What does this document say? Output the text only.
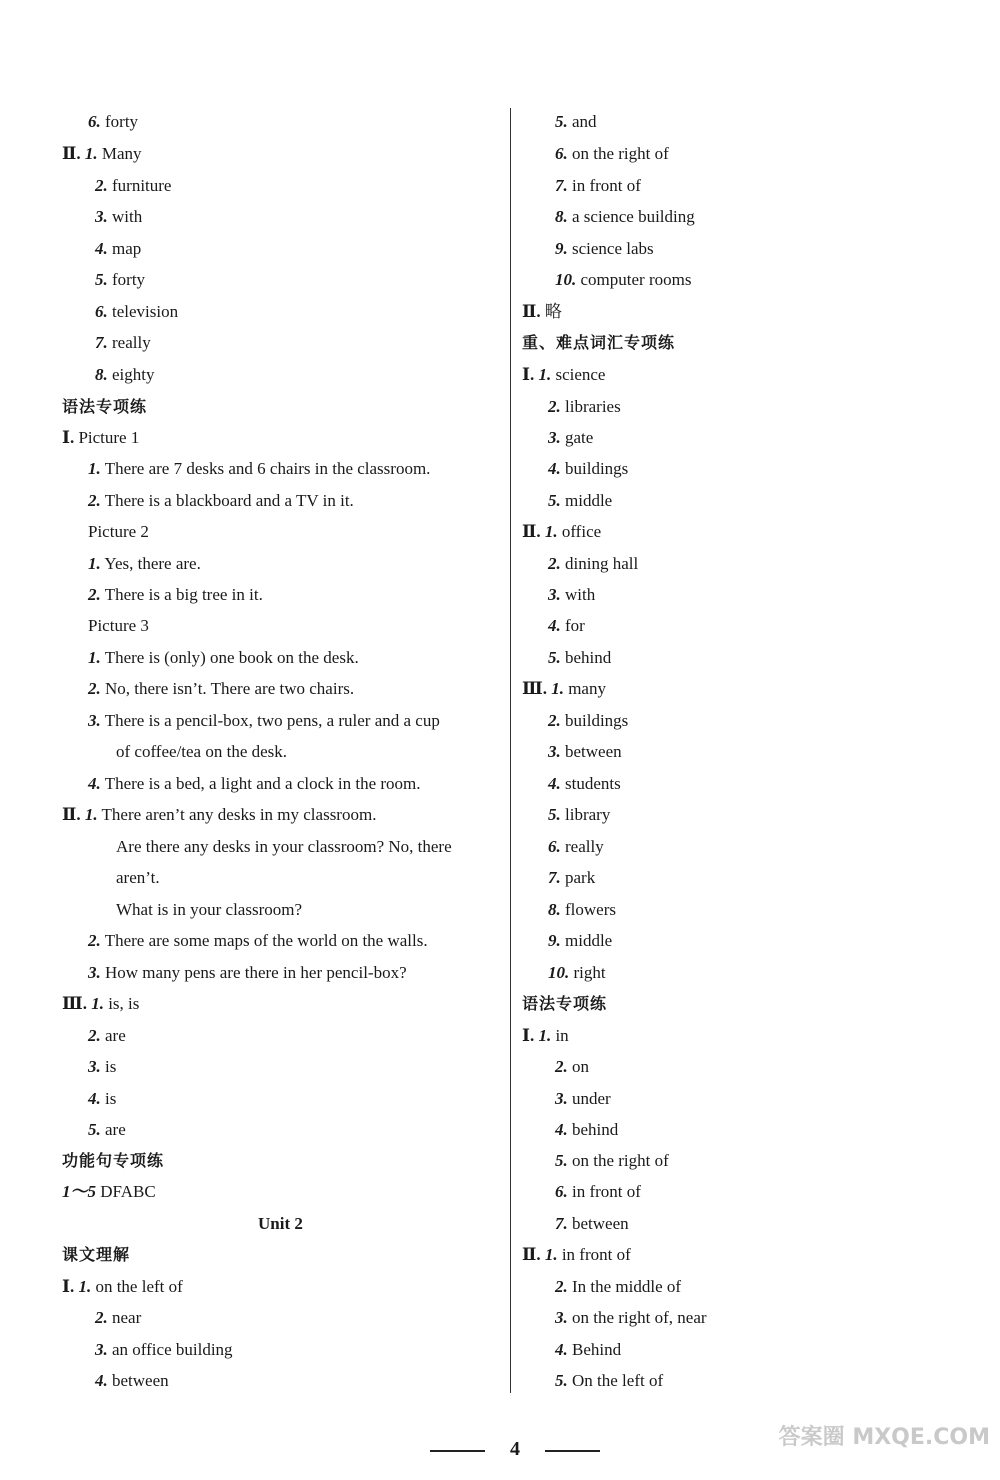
6. forty
Ⅱ. 1. Many
2. furniture
3. with
4. map
5. forty
6. television
7. really
8. eighty
语法专项练
Ⅰ. Picture 1
1. There are 7 desks and 6 chairs in the classroom.
2. There is a blackboard and a TV in it.
Picture 2
1. Yes, there are.
2. There is a big tree in it.
Picture 3
1. There is (only) one book on the desk.
2. No, there isn’t. There are two chairs.
3. There is a pencil-box, two pens, a ruler and a cup
of coffee/tea on the desk.
4. There is a bed, a light and a clock in the room.
Ⅱ. 1. There aren’t any desks in my classroom.
Are there any desks in your classroom? No, there
aren’t.
What is in your classroom?
2. There are some maps of the world on the walls.
3. How many pens are there in her pencil-box?
Ⅲ. 1. is, is
2. are
3. is
4. is
5. are
功能句专项练
1～5 DFABC
Unit 2
课文理解
Ⅰ. 1. on the left of
2. near
3. an office building
4. between
5. and
6. on the right of
7. in front of
8. a science building
9. science labs
10. computer rooms
Ⅱ. 略
重、难点词汇专项练
Ⅰ. 1. science
2. libraries
3. gate
4. buildings
5. middle
Ⅱ. 1. office
2. dining hall
3. with
4. for
5. behind
Ⅲ. 1. many
2. buildings
3. between
4. students
5. library
6. really
7. park
8. flowers
9. middle
10. right
语法专项练
Ⅰ. 1. in
2. on
3. under
4. behind
5. on the right of
6. in front of
7. between
Ⅱ. 1. in front of
2. In the middle of
3. on the right of, near
4. Behind
5. On the left of
4	答案圈 MXQE.COM
